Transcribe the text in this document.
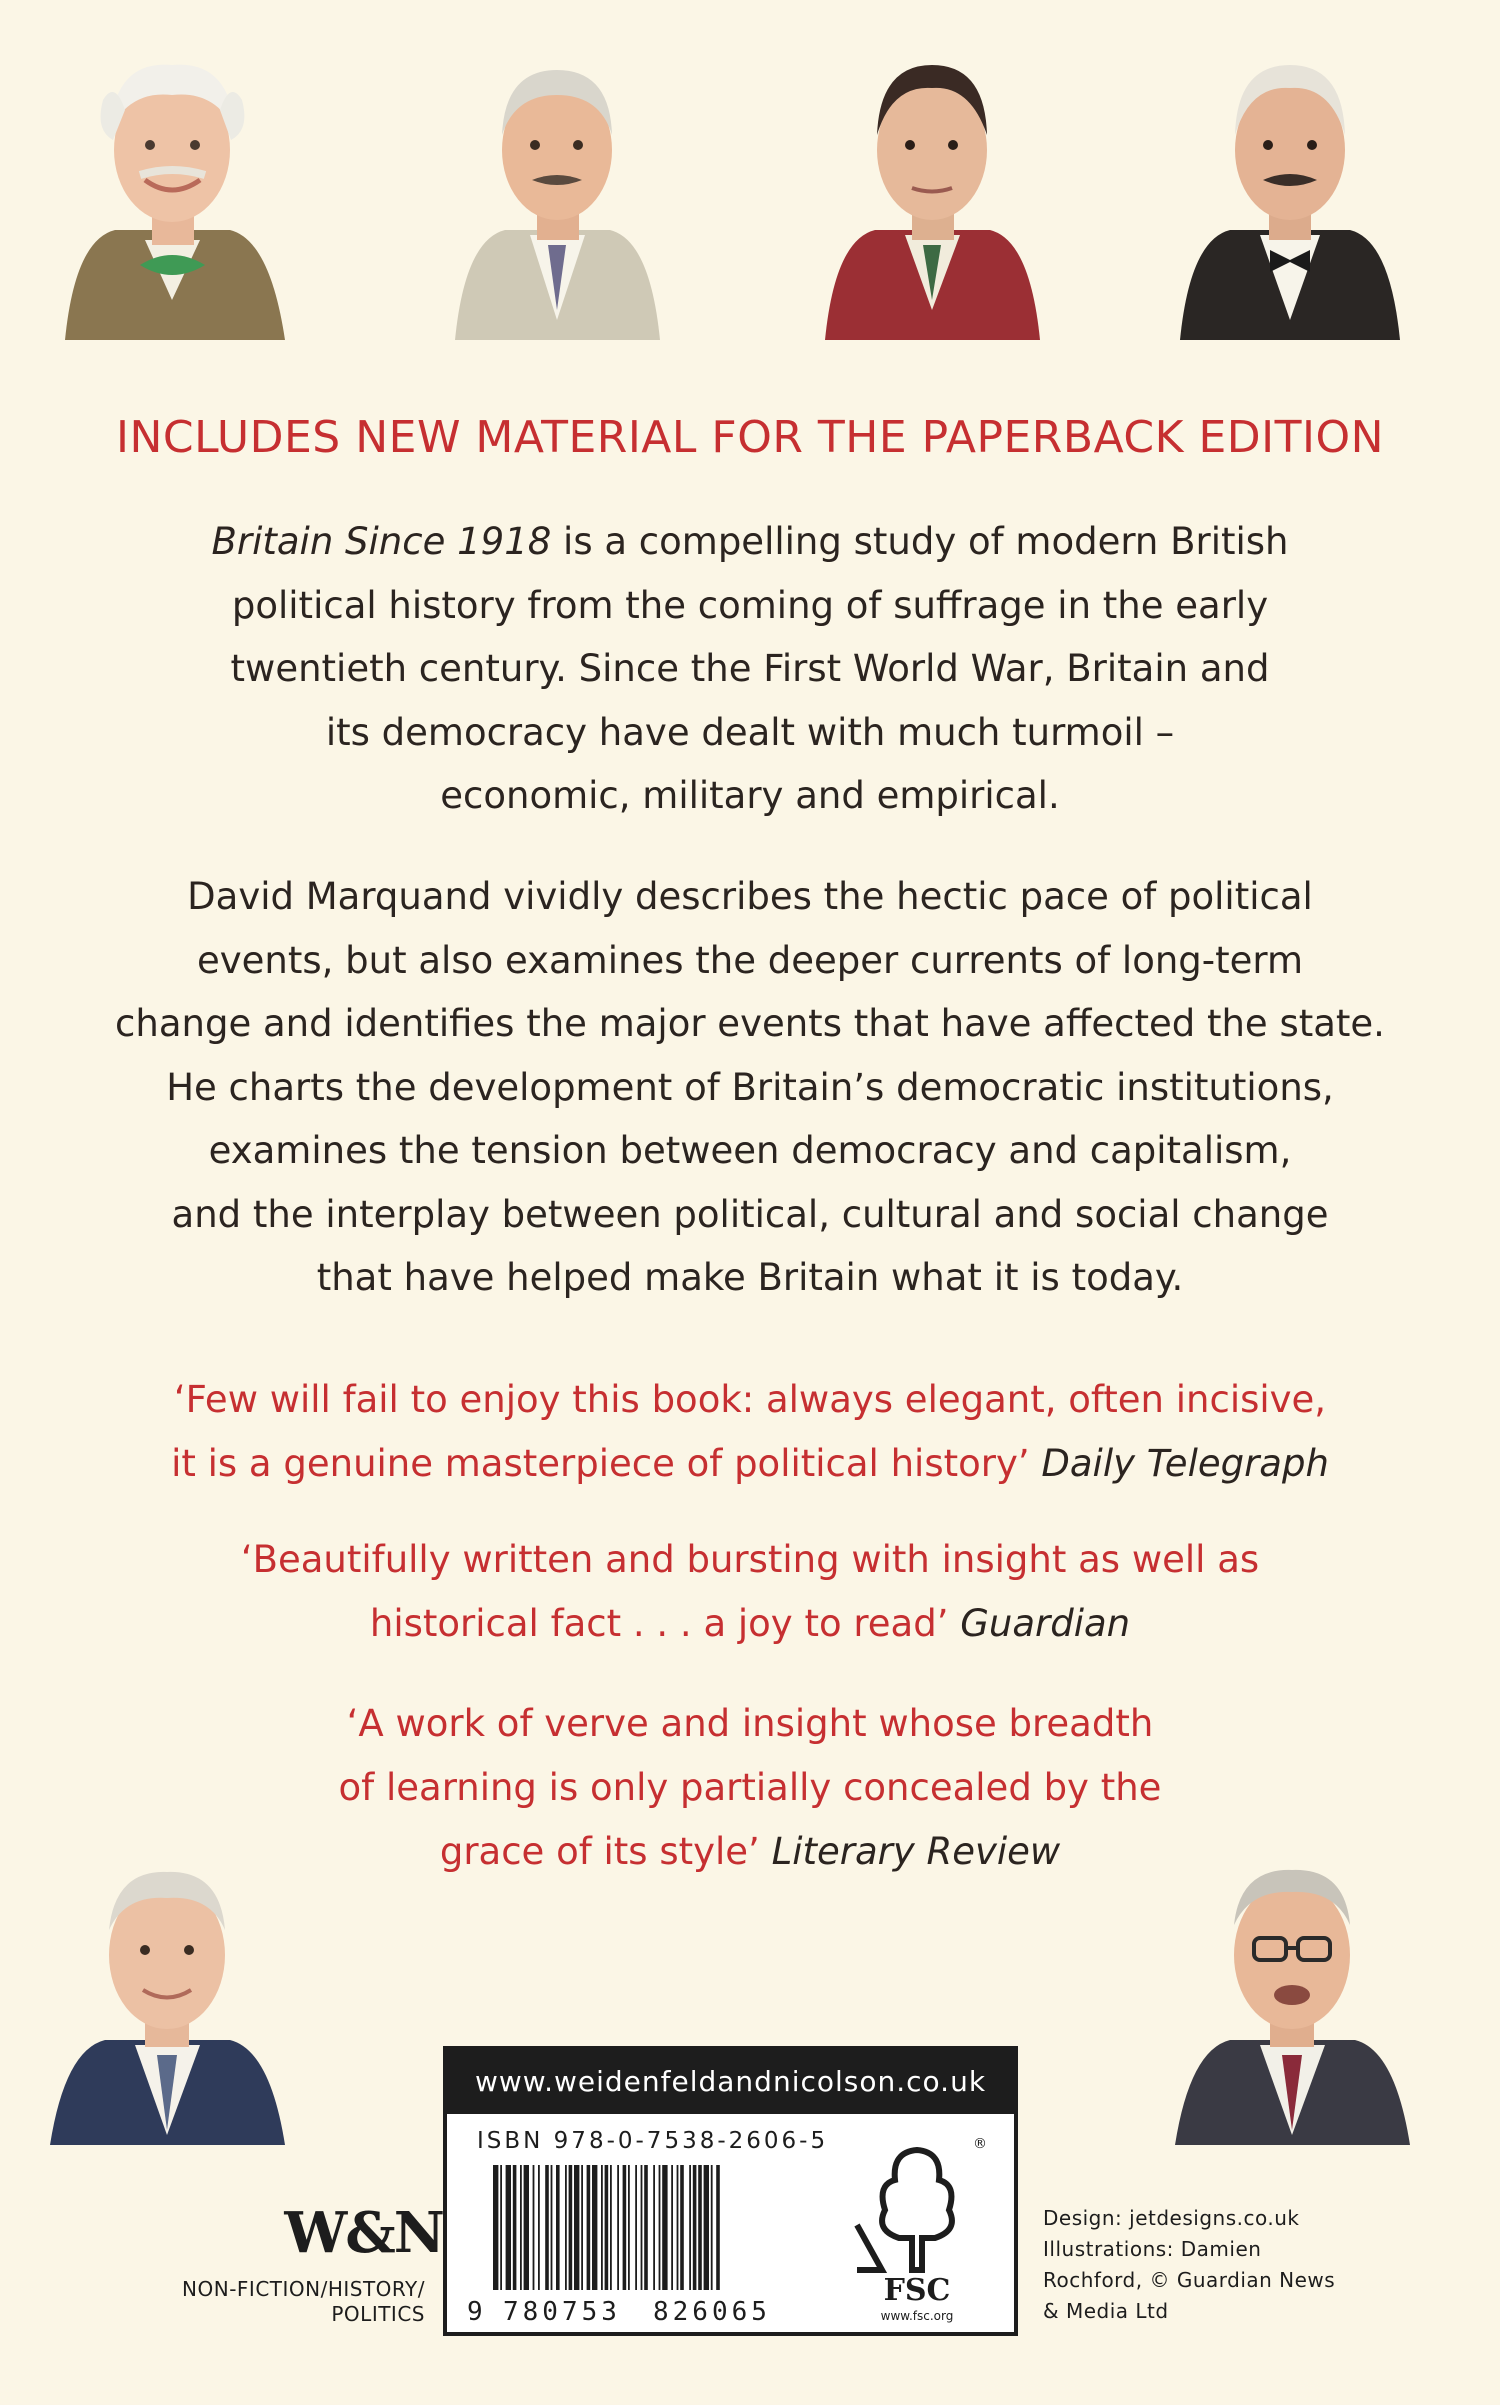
INCLUDES NEW MATERIAL FOR THE PAPERBACK EDITION
Britain Since 1918 is a compelling study of modern British
political history from the coming of suffrage in the early
twentieth century. Since the First World War, Britain and
its democracy have dealt with much turmoil –
economic, military and empirical.
David Marquand vividly describes the hectic pace of political
events, but also examines the deeper currents of long-term
change and identifies the major events that have affected the state.
He charts the development of Britain’s democratic institutions,
examines the tension between democracy and capitalism,
and the interplay between political, cultural and social change
that have helped make Britain what it is today.
‘Few will fail to enjoy this book: always elegant, often incisive,
it is a genuine masterpiece of political history’ Daily Telegraph
‘Beautifully written and bursting with insight as well as
historical fact . . . a joy to read’ Guardian
‘A work of verve and insight whose breadth
of learning is only partially concealed by the
grace of its style’ Literary Review
www.weidenfeldandnicolson.co.uk
ISBN 978-0-7538-2606-5
9 780753 826065
®
FSC
www.fsc.org
W&N
NON-FICTION/HISTORY/
POLITICS
Design: jetdesigns.co.uk
Illustrations: Damien
Rochford, © Guardian News
& Media Ltd
